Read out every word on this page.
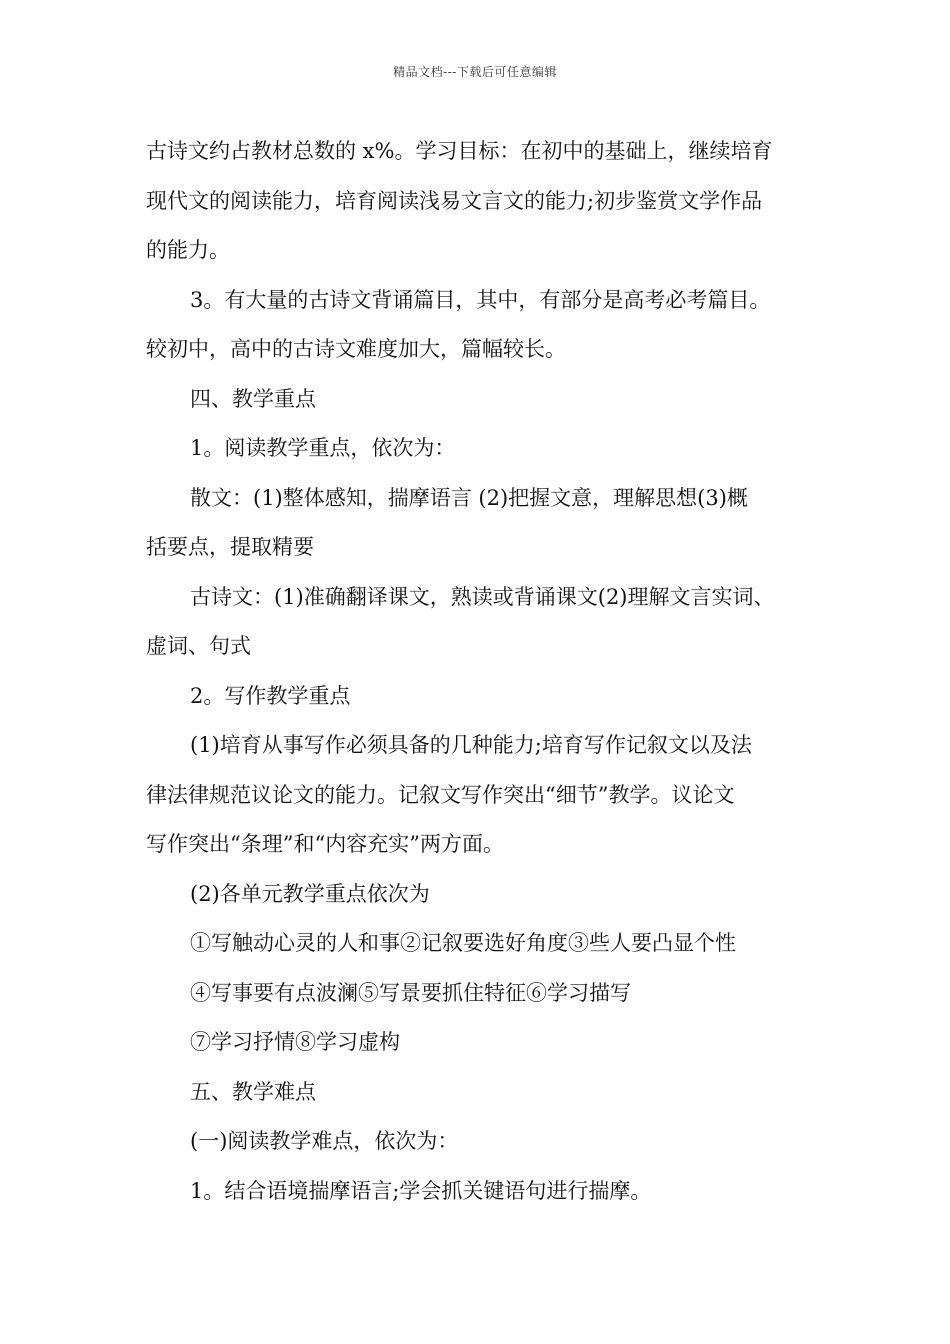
精品文档---下载后可任意编辑

古诗文约占教材总数的 x%。学习目标：在初中的基础上，继续培育

现代文的阅读能力，培育阅读浅易文言文的能力;初步鉴赏文学作品

的能力。

3。有大量的古诗文背诵篇目，其中，有部分是高考必考篇目。

较初中，高中的古诗文难度加大，篇幅较长。

四、教学重点

1。阅读教学重点，依次为：

散文：(1)整体感知，揣摩语言 (2)把握文意，理解思想(3)概

括要点，提取精要

古诗文：(1)准确翻译课文，熟读或背诵课文(2)理解文言实词、

虚词、句式

2。写作教学重点

(1)培育从事写作必须具备的几种能力;培育写作记叙文以及法

律法律规范议论文的能力。记叙文写作突出“细节”教学。议论文

写作突出“条理”和“内容充实”两方面。

(2)各单元教学重点依次为

①写触动心灵的人和事②记叙要选好角度③些人要凸显个性

④写事要有点波澜⑤写景要抓住特征⑥学习描写

⑦学习抒情⑧学习虚构

五、教学难点

(一)阅读教学难点，依次为：

1。结合语境揣摩语言;学会抓关键语句进行揣摩。
